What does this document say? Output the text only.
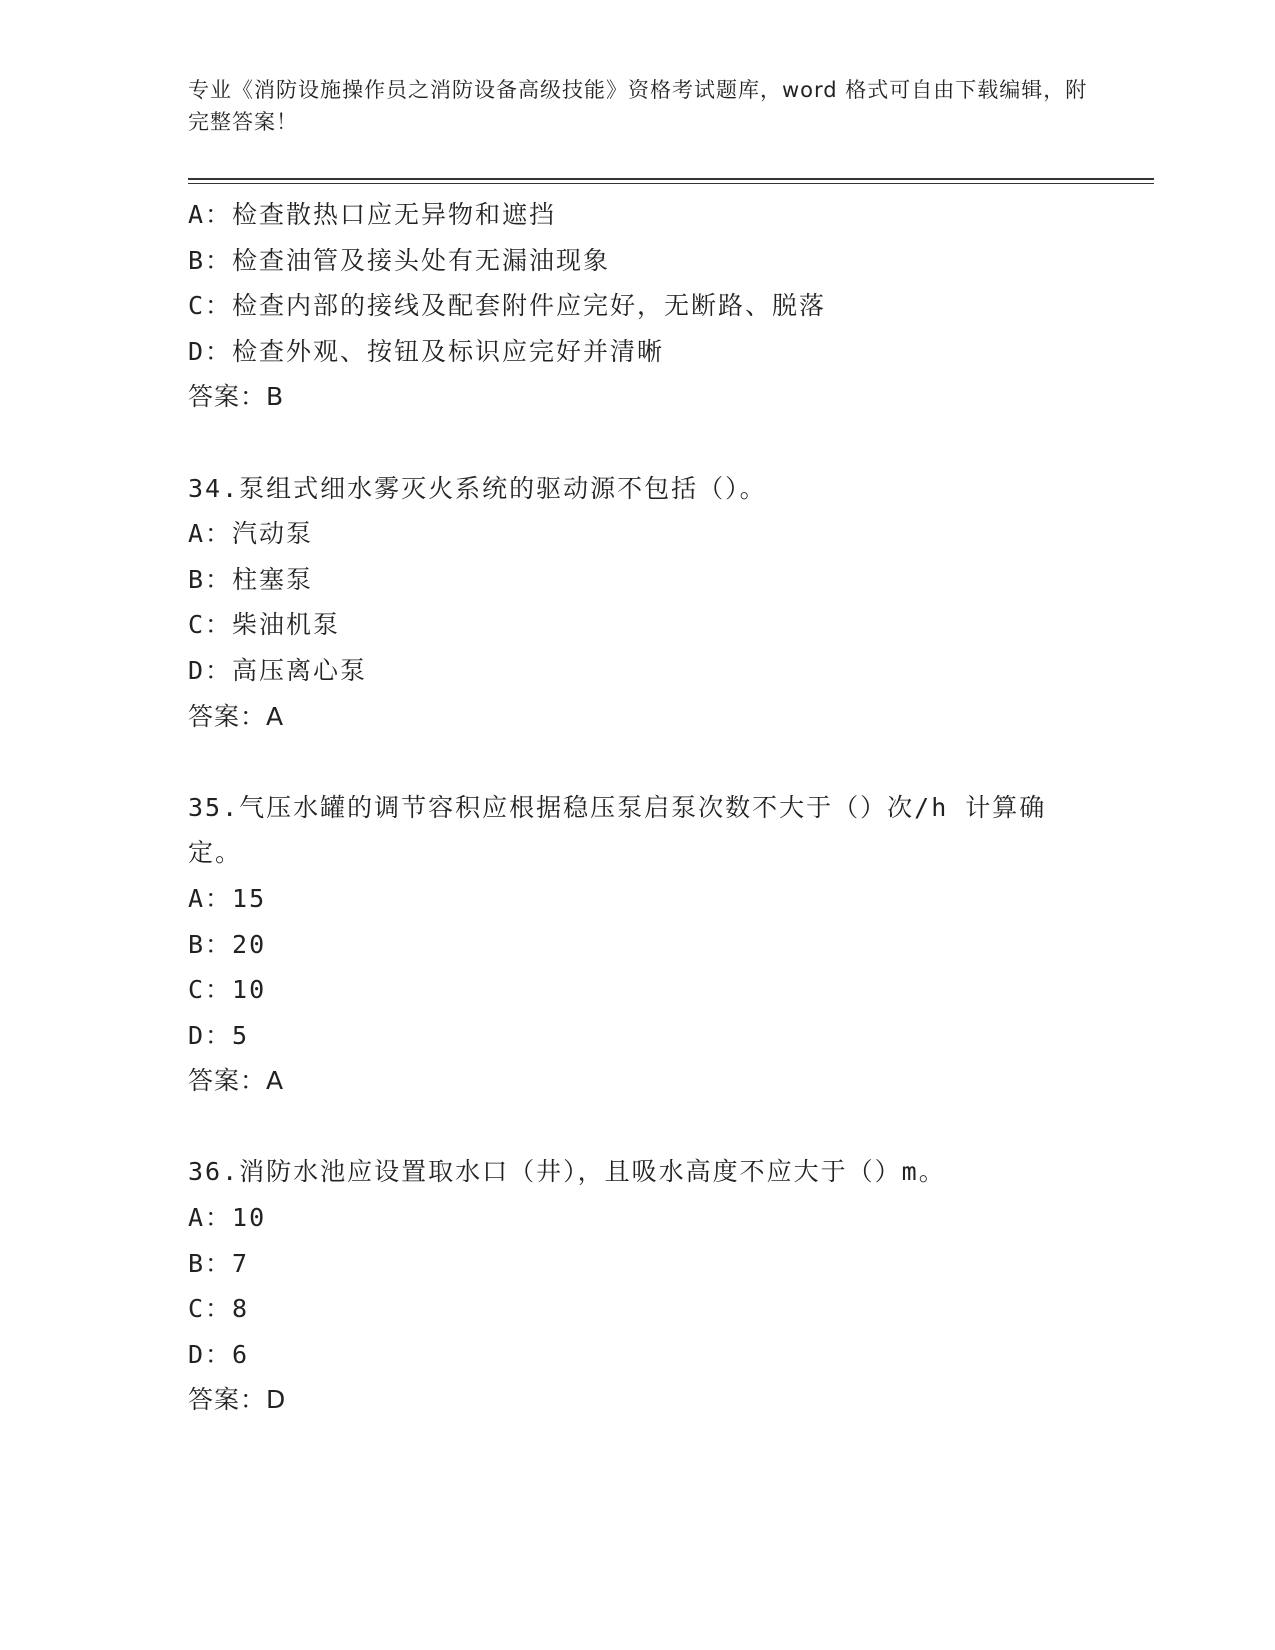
专业《消防设施操作员之消防设备高级技能》资格考试题库，word 格式可自由下载编辑，附完整答案！
A：检查散热口应无异物和遮挡
B：检查油管及接头处有无漏油现象
C：检查内部的接线及配套附件应完好，无断路、脱落
D：检查外观、按钮及标识应完好并清晰
答案：B
34.泵组式细水雾灭火系统的驱动源不包括（）。
A：汽动泵
B：柱塞泵
C：柴油机泵
D：高压离心泵
答案：A
35.气压水罐的调节容积应根据稳压泵启泵次数不大于（）次/h 计算确定。
A：15
B：20
C：10
D：5
答案：A
36.消防水池应设置取水口（井），且吸水高度不应大于（）m。
A：10
B：7
C：8
D：6
答案：D
